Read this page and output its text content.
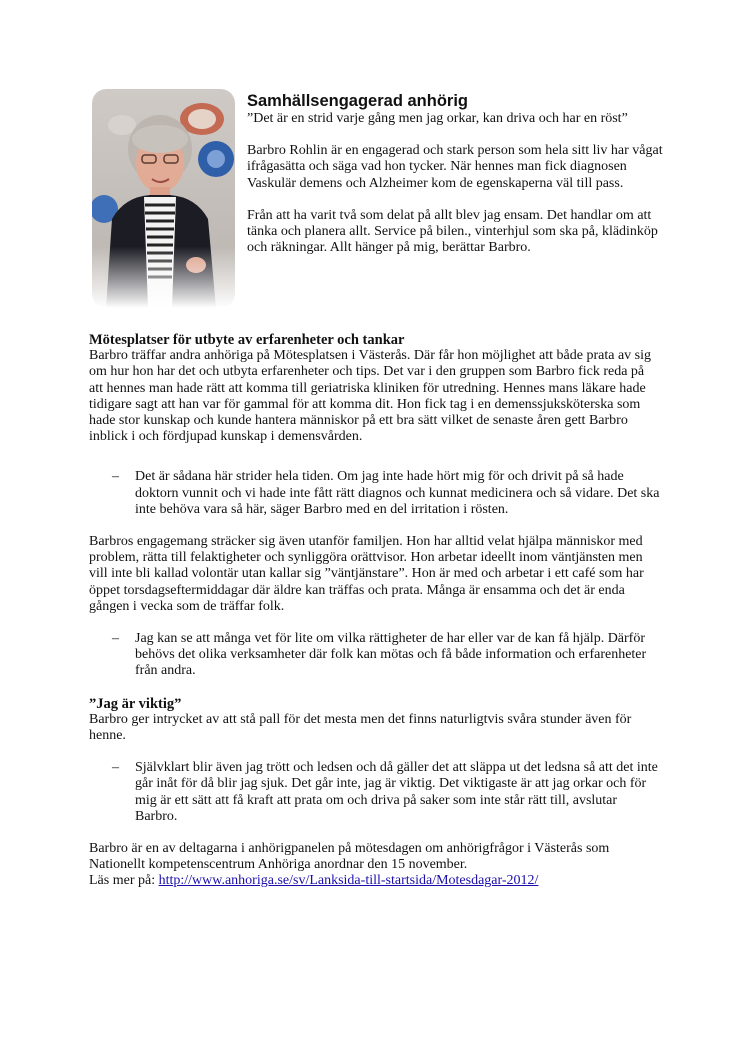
Samhällsengagerad anhörig

”Det är en strid varje gång men jag orkar, kan driva och har en röst”

Barbro Rohlin är en engagerad och stark person som hela sitt liv har vågat ifrågasätta och säga vad hon tycker. När hennes man fick diagnosen Vaskulär demens och Alzheimer kom de egenskaperna väl till pass.

Från att ha varit två som delat på allt blev jag ensam. Det handlar om att tänka och planera allt. Service på bilen., vinterhjul som ska på, klädinköp och räkningar. Allt hänger på mig, berättar Barbro.

Mötesplatser för utbyte av erfarenheter och tankar

Barbro träffar andra anhöriga på Mötesplatsen i Västerås. Där får hon möjlighet att både prata av sig om hur hon har det och utbyta erfarenheter och tips. Det var i den gruppen som Barbro fick reda på att hennes man hade rätt att komma till geriatriska kliniken för utredning. Hennes mans läkare hade tidigare sagt att han var för gammal för att komma dit. Hon fick tag i en demenssjuksköterska som hade stor kunskap och kunde hantera människor på ett bra sätt vilket de senaste åren gett Barbro inblick i och fördjupad kunskap i demensvården.

– Det är sådana här strider hela tiden. Om jag inte hade hört mig för och drivit på så hade doktorn vunnit och vi hade inte fått rätt diagnos och kunnat medicinera och så vidare. Det ska inte behöva vara så här, säger Barbro med en del irritation i rösten.

Barbros engagemang sträcker sig även utanför familjen. Hon har alltid velat hjälpa människor med problem, rätta till felaktigheter och synliggöra orättvisor. Hon arbetar ideellt inom väntjänsten men vill inte bli kallad volontär utan kallar sig ”väntjänstare”. Hon är med och arbetar i ett café som har öppet torsdagseftermiddagar där äldre kan träffas och prata. Många är ensamma och det är enda gången i vecka som de träffar folk.

– Jag kan se att många vet för lite om vilka rättigheter de har eller var de kan få hjälp. Därför behövs det olika verksamheter där folk kan mötas och få både information och erfarenheter från andra.
”Jag är viktig”

Barbro ger intrycket av att stå pall för det mesta men det finns naturligtvis svåra stunder även för henne.

– Självklart blir även jag trött och ledsen och då gäller det att släppa ut det ledsna så att det inte går inåt för då blir jag sjuk. Det går inte, jag är viktig. Det viktigaste är att jag orkar och för mig är ett sätt att få kraft att prata om och driva på saker som inte står rätt till, avslutar Barbro.

Barbro är en av deltagarna i anhörigpanelen på mötesdagen om anhörigfrågor i Västerås som Nationellt kompetenscentrum Anhöriga anordnar den 15 november.
Läs mer på: http://www.anhoriga.se/sv/Lanksida-till-startsida/Motesdagar-2012/
